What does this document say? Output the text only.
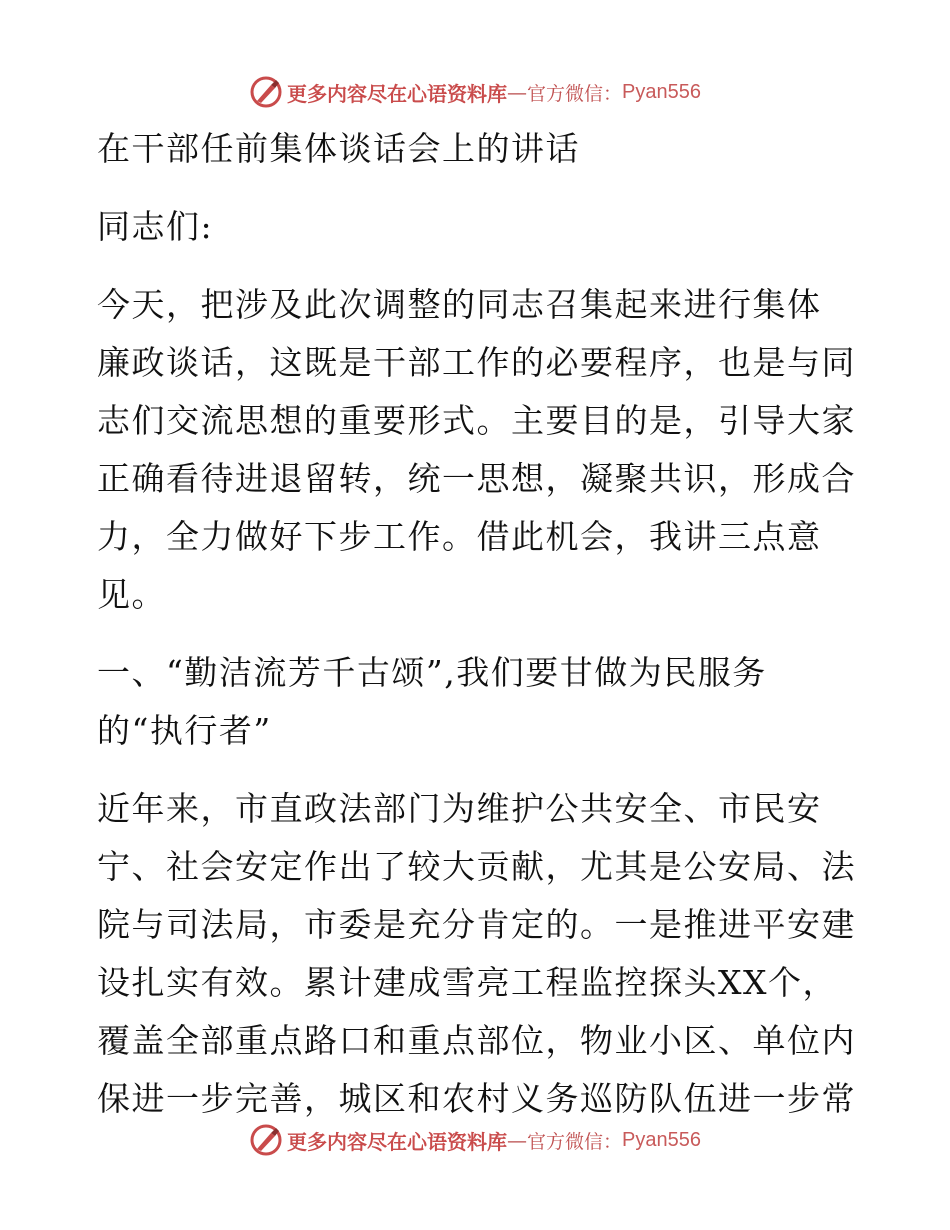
更多内容尽在心语资料库 — 官方微信： Pyan556
在干部任前集体谈话会上的讲话
同志们:
今天，把涉及此次调整的同志召集起来进行集体
廉政谈话，这既是干部工作的必要程序，也是与同
志们交流思想的重要形式。主要目的是，引导大家
正确看待进退留转，统一思想，凝聚共识，形成合
力，全力做好下步工作。借此机会，我讲三点意
见。
一、“勤洁流芳千古颂”,我们要甘做为民服务
的“执行者”
近年来，市直政法部门为维护公共安全、市民安
宁、社会安定作出了较大贡献，尤其是公安局、法
院与司法局，市委是充分肯定的。一是推进平安建
设扎实有效。累计建成雪亮工程监控探头XX个，
覆盖全部重点路口和重点部位，物业小区、单位内
保进一步完善，城区和农村义务巡防队伍进一步常
更多内容尽在心语资料库 — 官方微信： Pyan556
